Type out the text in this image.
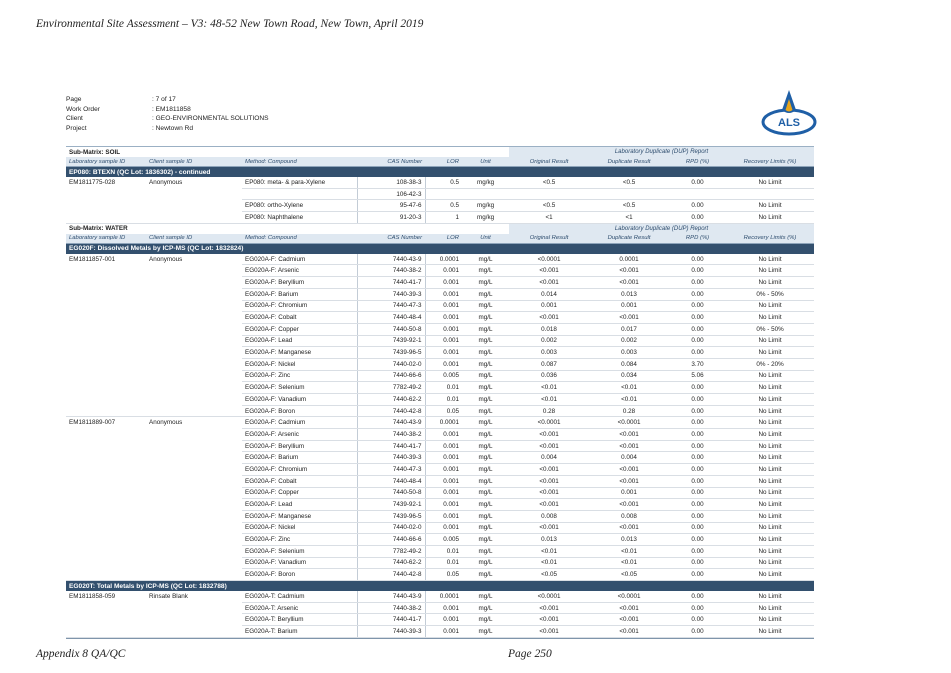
Environmental Site Assessment – V3: 48-52 New Town Road, New Town, April 2019
Page	: 7 of 17
Work Order	: EM1811858
Client	: GEO-ENVIRONMENTAL SOLUTIONS
Project	: Newtown Rd	ALS
Sub-Matrix: SOIL						Laboratory Duplicate (DUP) Report			
Laboratory sample ID	Client sample ID	Method: Compound	CAS Number	LOR	Unit	Original Result	Duplicate Result	RPD (%)	Recovery Limits (%)
EP080: BTEXN (QC Lot: 1836302) - continued									
EM1811775-028	Anonymous	EP080: meta- & para-Xylene	108-38-3	0.5	mg/kg	<0.5	<0.5	0.00	No Limit
			106-42-3						
		EP080: ortho-Xylene	95-47-6	0.5	mg/kg	<0.5	<0.5	0.00	No Limit
		EP080: Naphthalene	91-20-3	1	mg/kg	<1	<1	0.00	No Limit
Sub-Matrix: WATER						Laboratory Duplicate (DUP) Report			
Laboratory sample ID	Client sample ID	Method: Compound	CAS Number	LOR	Unit	Original Result	Duplicate Result	RPD (%)	Recovery Limits (%)
EG020F: Dissolved Metals by ICP-MS (QC Lot: 1832824)									
EM1811857-001	Anonymous	EG020A-F: Cadmium	7440-43-9	0.0001	mg/L	<0.0001	0.0001	0.00	No Limit
		EG020A-F: Arsenic	7440-38-2	0.001	mg/L	<0.001	<0.001	0.00	No Limit
		EG020A-F: Beryllium	7440-41-7	0.001	mg/L	<0.001	<0.001	0.00	No Limit
		EG020A-F: Barium	7440-39-3	0.001	mg/L	0.014	0.013	0.00	0% - 50%
		EG020A-F: Chromium	7440-47-3	0.001	mg/L	0.001	0.001	0.00	No Limit
		EG020A-F: Cobalt	7440-48-4	0.001	mg/L	<0.001	<0.001	0.00	No Limit
		EG020A-F: Copper	7440-50-8	0.001	mg/L	0.018	0.017	0.00	0% - 50%
		EG020A-F: Lead	7439-92-1	0.001	mg/L	0.002	0.002	0.00	No Limit
		EG020A-F: Manganese	7439-96-5	0.001	mg/L	0.003	0.003	0.00	No Limit
		EG020A-F: Nickel	7440-02-0	0.001	mg/L	0.087	0.084	3.70	0% - 20%
		EG020A-F: Zinc	7440-66-6	0.005	mg/L	0.036	0.034	5.06	No Limit
		EG020A-F: Selenium	7782-49-2	0.01	mg/L	<0.01	<0.01	0.00	No Limit
		EG020A-F: Vanadium	7440-62-2	0.01	mg/L	<0.01	<0.01	0.00	No Limit
		EG020A-F: Boron	7440-42-8	0.05	mg/L	0.28	0.28	0.00	No Limit
EM1811889-007	Anonymous	EG020A-F: Cadmium	7440-43-9	0.0001	mg/L	<0.0001	<0.0001	0.00	No Limit
		EG020A-F: Arsenic	7440-38-2	0.001	mg/L	<0.001	<0.001	0.00	No Limit
		EG020A-F: Beryllium	7440-41-7	0.001	mg/L	<0.001	<0.001	0.00	No Limit
		EG020A-F: Barium	7440-39-3	0.001	mg/L	0.004	0.004	0.00	No Limit
		EG020A-F: Chromium	7440-47-3	0.001	mg/L	<0.001	<0.001	0.00	No Limit
		EG020A-F: Cobalt	7440-48-4	0.001	mg/L	<0.001	<0.001	0.00	No Limit
		EG020A-F: Copper	7440-50-8	0.001	mg/L	<0.001	0.001	0.00	No Limit
		EG020A-F: Lead	7439-92-1	0.001	mg/L	<0.001	<0.001	0.00	No Limit
		EG020A-F: Manganese	7439-96-5	0.001	mg/L	0.008	0.008	0.00	No Limit
		EG020A-F: Nickel	7440-02-0	0.001	mg/L	<0.001	<0.001	0.00	No Limit
		EG020A-F: Zinc	7440-66-6	0.005	mg/L	0.013	0.013	0.00	No Limit
		EG020A-F: Selenium	7782-49-2	0.01	mg/L	<0.01	<0.01	0.00	No Limit
		EG020A-F: Vanadium	7440-62-2	0.01	mg/L	<0.01	<0.01	0.00	No Limit
		EG020A-F: Boron	7440-42-8	0.05	mg/L	<0.05	<0.05	0.00	No Limit
EG020T: Total Metals by ICP-MS (QC Lot: 1832788)									
EM1811858-059	Rinsate Blank	EG020A-T: Cadmium	7440-43-9	0.0001	mg/L	<0.0001	<0.0001	0.00	No Limit
		EG020A-T: Arsenic	7440-38-2	0.001	mg/L	<0.001	<0.001	0.00	No Limit
		EG020A-T: Beryllium	7440-41-7	0.001	mg/L	<0.001	<0.001	0.00	No Limit
		EG020A-T: Barium	7440-39-3	0.001	mg/L	<0.001	<0.001	0.00	No Limit
Appendix 8 QA/QC	Page 250
